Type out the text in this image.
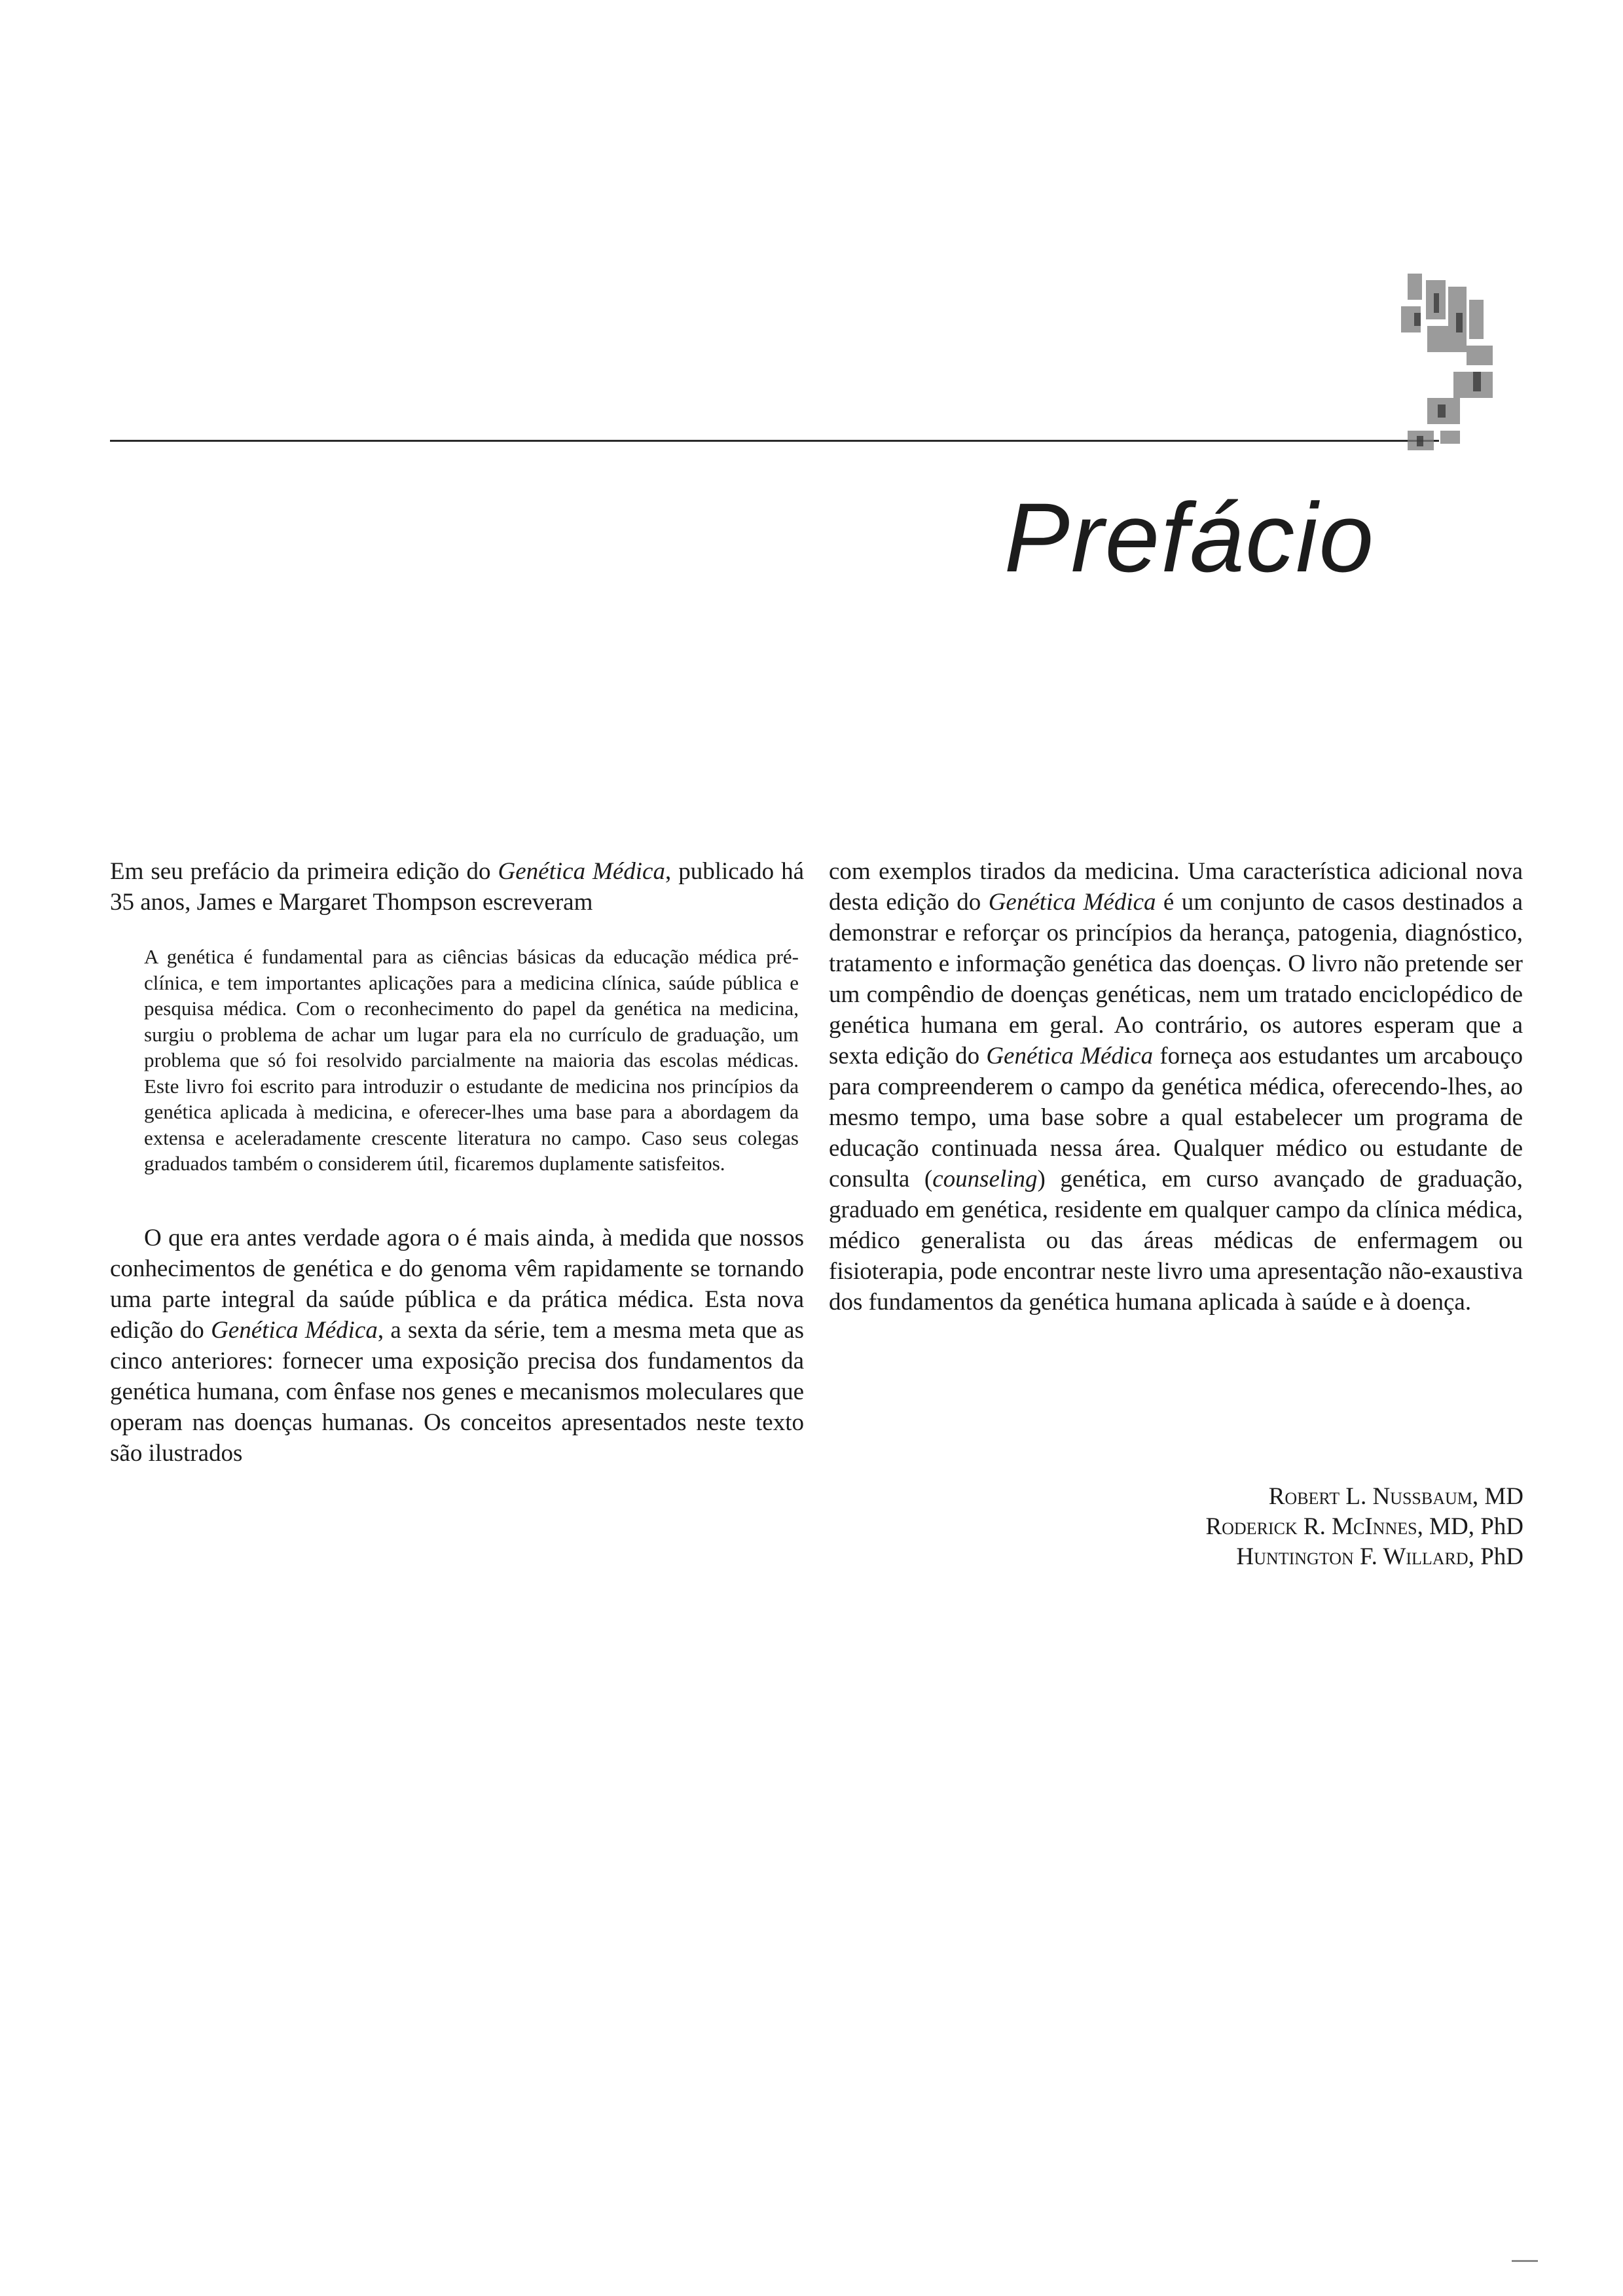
Prefácio

Em seu prefácio da primeira edição do Genética Médica, publicado há 35 anos, James e Margaret Thompson escreveram

A genética é fundamental para as ciências básicas da educação médica pré-clínica, e tem importantes aplicações para a medicina clínica, saúde pública e pesquisa médica. Com o reconhecimento do papel da genética na medicina, surgiu o problema de achar um lugar para ela no currículo de graduação, um problema que só foi resolvido parcialmente na maioria das escolas médicas. Este livro foi escrito para introduzir o estudante de medicina nos princípios da genética aplicada à medicina, e oferecer-lhes uma base para a abordagem da extensa e aceleradamente crescente literatura no campo. Caso seus colegas graduados também o considerem útil, ficaremos duplamente satisfeitos.

O que era antes verdade agora o é mais ainda, à medida que nossos conhecimentos de genética e do genoma vêm rapidamente se tornando uma parte integral da saúde pública e da prática médica. Esta nova edição do Genética Médica, a sexta da série, tem a mesma meta que as cinco anteriores: fornecer uma exposição precisa dos fundamentos da genética humana, com ênfase nos genes e mecanismos moleculares que operam nas doenças humanas. Os conceitos apresentados neste texto são ilustrados

com exemplos tirados da medicina. Uma característica adicional nova desta edição do Genética Médica é um conjunto de casos destinados a demonstrar e reforçar os princípios da herança, patogenia, diagnóstico, tratamento e informação genética das doenças. O livro não pretende ser um compêndio de doenças genéticas, nem um tratado enciclopédico de genética humana em geral. Ao contrário, os autores esperam que a sexta edição do Genética Médica forneça aos estudantes um arcabouço para compreenderem o campo da genética médica, oferecendo-lhes, ao mesmo tempo, uma base sobre a qual estabelecer um programa de educação continuada nessa área. Qualquer médico ou estudante de consulta (counseling) genética, em curso avançado de graduação, graduado em genética, residente em qualquer campo da clínica médica, médico generalista ou das áreas médicas de enfermagem ou fisioterapia, pode encontrar neste livro uma apresentação não-exaustiva dos fundamentos da genética humana aplicada à saúde e à doença.

Robert L. Nussbaum, MD
Roderick R. McInnes, MD, PhD
Huntington F. Willard, PhD
